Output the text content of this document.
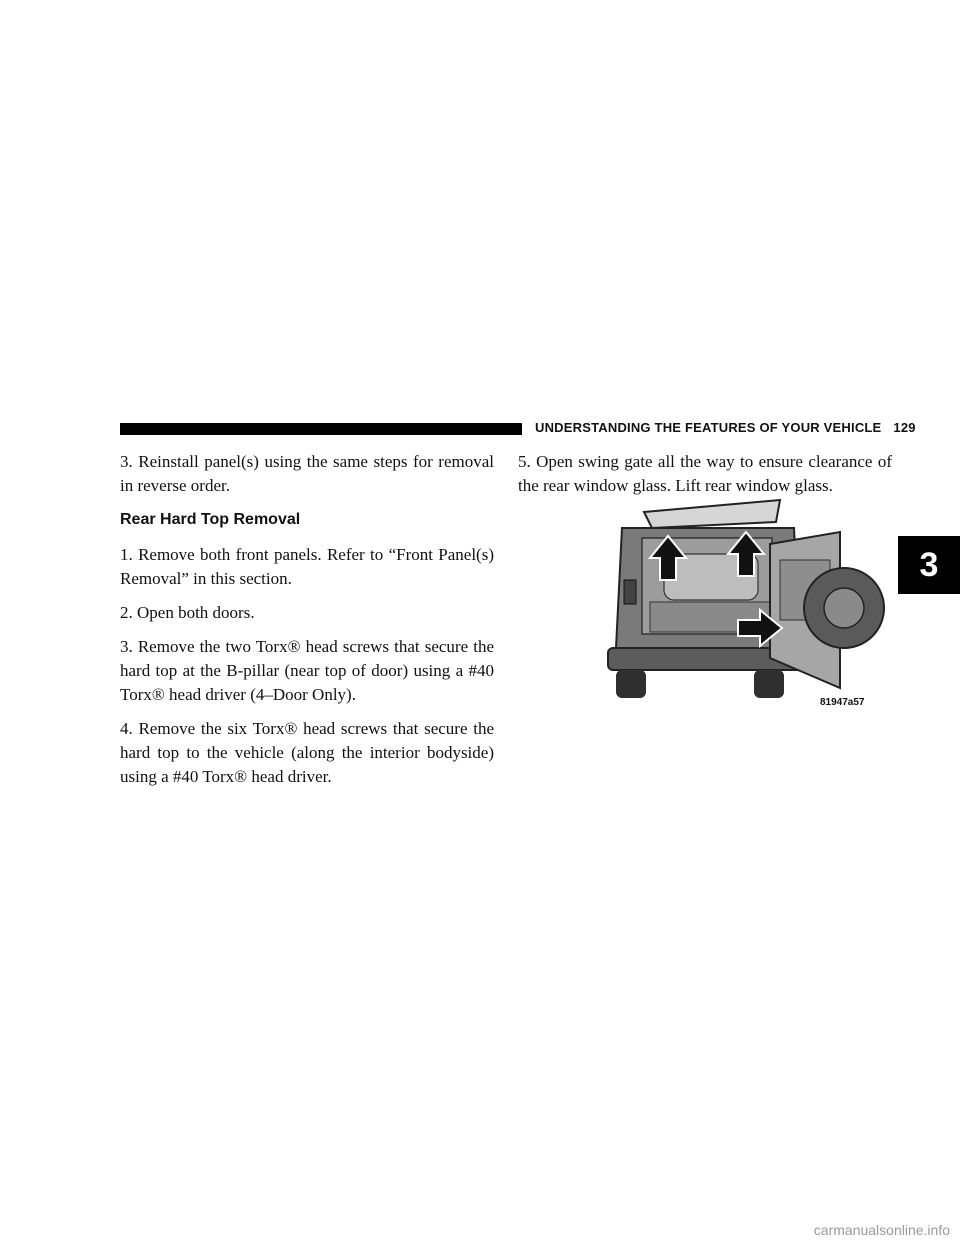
UNDERSTANDING THE FEATURES OF YOUR VEHICLE 129
3

3. Reinstall panel(s) using the same steps for removal in reverse order.

Rear Hard Top Removal

1. Remove both front panels. Refer to “Front Panel(s) Removal” in this section.

2. Open both doors.

3. Remove the two Torx® head screws that secure the hard top at the B-pillar (near top of door) using a #40 Torx® head driver (4–Door Only).

4. Remove the six Torx® head screws that secure the hard top to the vehicle (along the interior bodyside) using a #40 Torx® head driver.

5. Open swing gate all the way to ensure clearance of the rear window glass. Lift rear window glass.

81947a57
carmanualsonline.info
